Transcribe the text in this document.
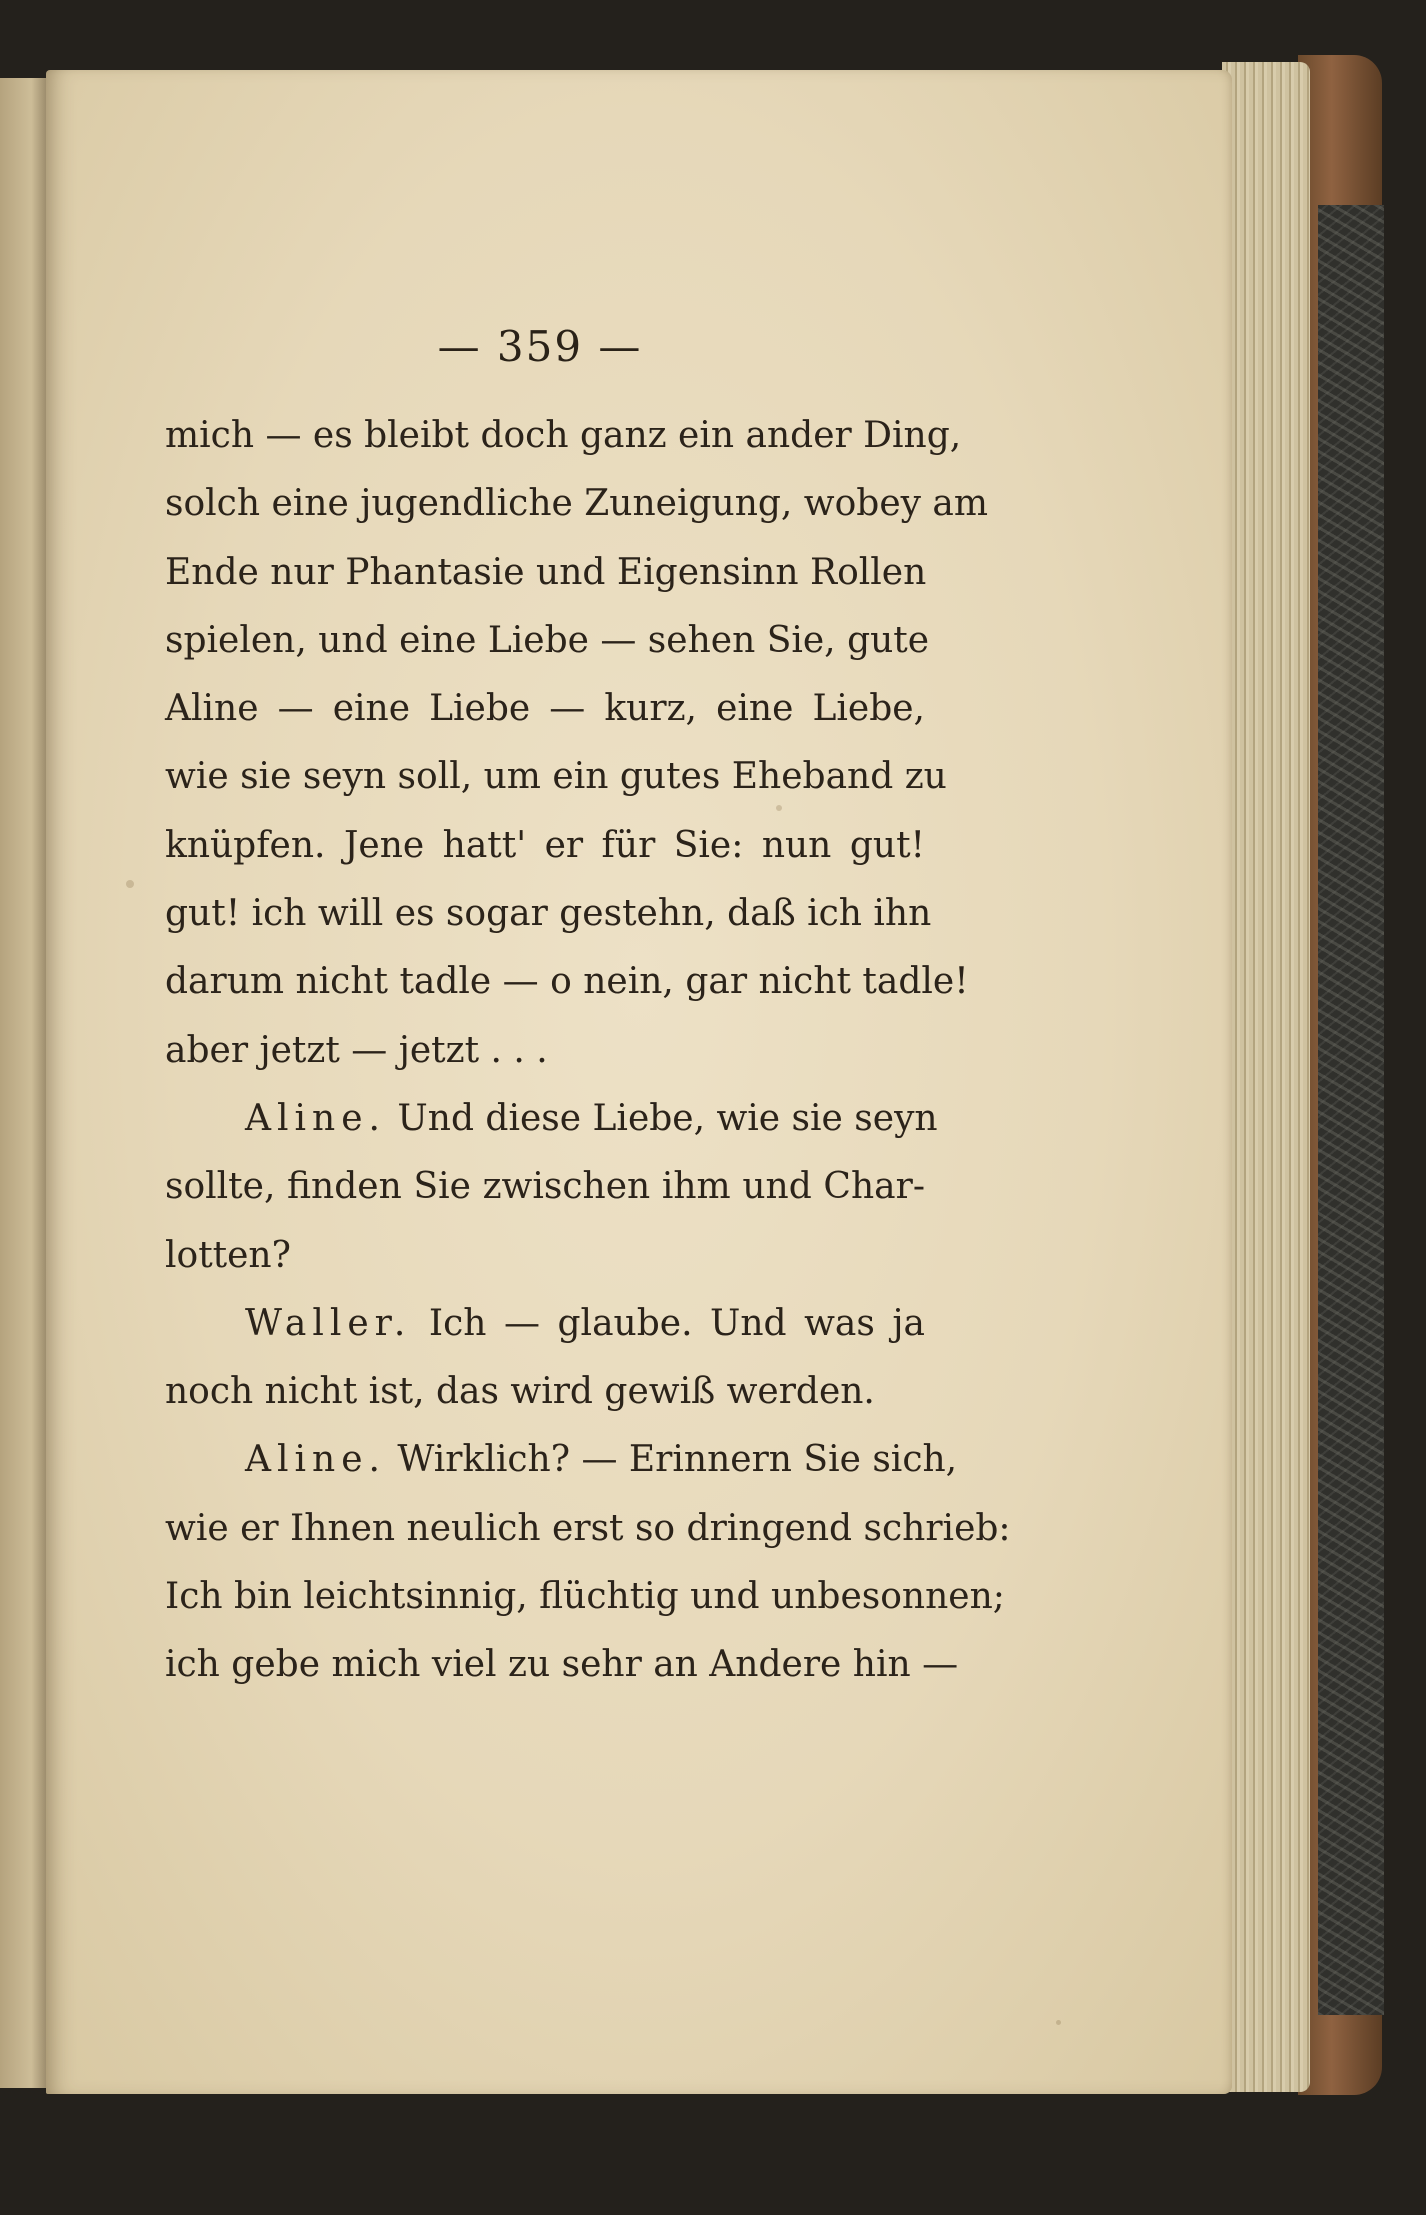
— 359 —
mich — es bleibt doch ganz ein ander Ding,
solch eine jugendliche Zuneigung, wobey am
Ende nur Phantasie und Eigensinn Rollen
spielen, und eine Liebe — sehen Sie, gute
Aline — eine Liebe — kurz, eine Liebe,
wie sie seyn soll, um ein gutes Eheband zu
knüpfen. Jene hatt' er für Sie: nun gut!
gut! ich will es sogar gestehn, daß ich ihn
darum nicht tadle — o nein, gar nicht tadle!
aber jetzt — jetzt . . .
Aline. Und diese Liebe, wie sie seyn
sollte, finden Sie zwischen ihm und Char-
lotten?
Waller. Ich — glaube. Und was ja
noch nicht ist, das wird gewiß werden.
Aline. Wirklich? — Erinnern Sie sich,
wie er Ihnen neulich erst so dringend schrieb:
Ich bin leichtsinnig, flüchtig und unbesonnen;
ich gebe mich viel zu sehr an Andere hin —
